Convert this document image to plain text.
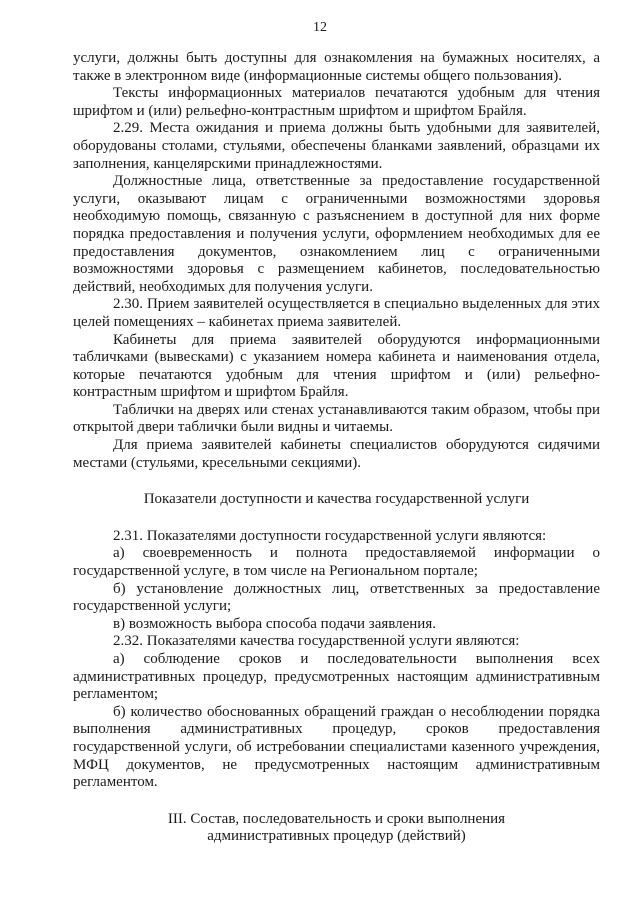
12

услуги, должны быть доступны для ознакомления на бумажных носителях, а также в электронном виде (информационные системы общего пользования).

Тексты информационных материалов печатаются удобным для чтения шрифтом и (или) рельефно-контрастным шрифтом и шрифтом Брайля.

2.29. Места ожидания и приема должны быть удобными для заявителей, оборудованы столами, стульями, обеспечены бланками заявлений, образцами их заполнения, канцелярскими принадлежностями.

Должностные лица, ответственные за предоставление государственной услуги, оказывают лицам с ограниченными возможностями здоровья необходимую помощь, связанную с разъяснением в доступной для них форме порядка предоставления и получения услуги, оформлением необходимых для ее предоставления документов, ознакомлением лиц с ограниченными возможностями здоровья с размещением кабинетов, последовательностью действий, необходимых для получения услуги.

2.30. Прием заявителей осуществляется в специально выделенных для этих целей помещениях – кабинетах приема заявителей.

Кабинеты для приема заявителей оборудуются информационными табличками (вывесками) с указанием номера кабинета и наименования отдела, которые печатаются удобным для чтения шрифтом и (или) рельефно-контрастным шрифтом и шрифтом Брайля.

Таблички на дверях или стенах устанавливаются таким образом, чтобы при открытой двери таблички были видны и читаемы.

Для приема заявителей кабинеты специалистов оборудуются сидячими местами (стульями, кресельными секциями).

Показатели доступности и качества государственной услуги

2.31. Показателями доступности государственной услуги являются:

а) своевременность и полнота предоставляемой информации о государственной услуге, в том числе на Региональном портале;

б) установление должностных лиц, ответственных за предоставление государственной услуги;

в) возможность выбора способа подачи заявления.

2.32. Показателями качества государственной услуги являются:

а) соблюдение сроков и последовательности выполнения всех административных процедур, предусмотренных настоящим административным регламентом;

б) количество обоснованных обращений граждан о несоблюдении порядка выполнения административных процедур, сроков предоставления государственной услуги, об истребовании специалистами казенного учреждения, МФЦ документов, не предусмотренных настоящим административным регламентом.

III. Состав, последовательность и сроки выполнения

административных процедур (действий)
